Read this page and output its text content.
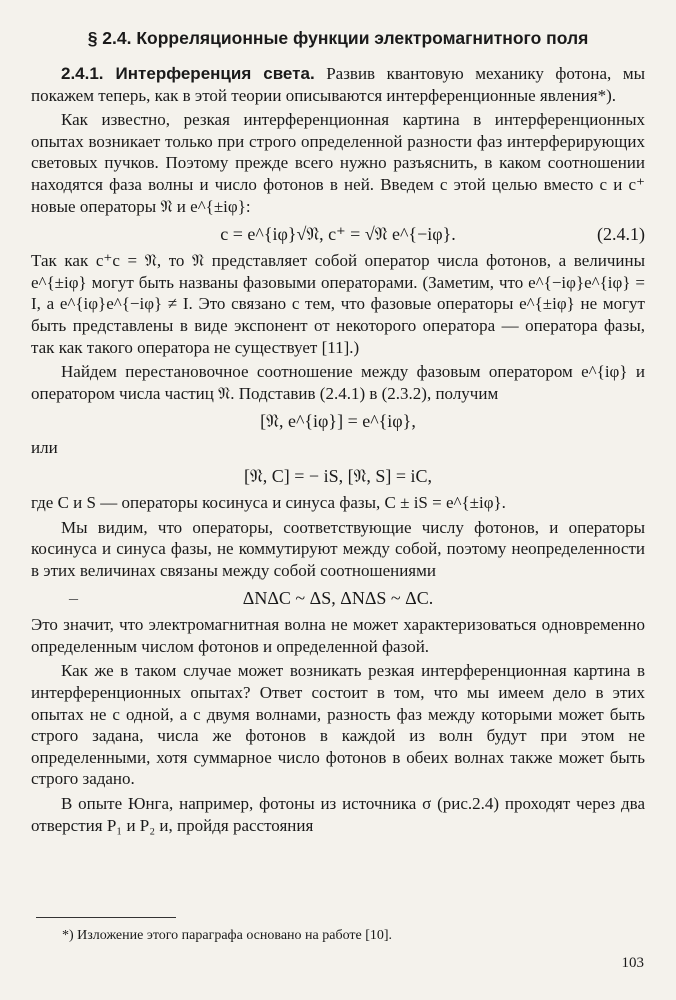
§ 2.4. Корреляционные функции электромагнитного поля

2.4.1. Интерференция света. Развив квантовую механику фотона, мы покажем теперь, как в этой теории описываются интерференционные явления*).

Как известно, резкая интерференционная картина в интерференционных опытах возникает только при строго определенной разности фаз интерферирующих световых пучков. Поэтому прежде всего нужно разъяснить, в каком соотношении находятся фаза волны и число фотонов в ней. Введем с этой целью вместо с и с⁺ новые операторы 𝔑 и e^{±iφ}:

с = e^{iφ}√𝔑, с⁺ = √𝔑 e^{−iφ}.	(2.4.1)

Так как с⁺с = 𝔑, то 𝔑 представляет собой оператор числа фотонов, а величины e^{±iφ} могут быть названы фазовыми операторами. (Заметим, что e^{−iφ}e^{iφ} = I, а e^{iφ}e^{−iφ} ≠ I. Это связано с тем, что фазовые операторы e^{±iφ} не могут быть представлены в виде экспонент от некоторого оператора — оператора фазы, так как такого оператора не существует [11].)

Найдем перестановочное соотношение между фазовым оператором e^{iφ} и оператором числа частиц 𝔑. Подставив (2.4.1) в (2.3.2), получим

[𝔑, e^{iφ}] = e^{iφ},

или

[𝔑, С] = − iS, [𝔑, S] = iС,

где С и S — операторы косинуса и синуса фазы, С ± iS = e^{±iφ}.

Мы видим, что операторы, соответствующие числу фотонов, и операторы косинуса и синуса фазы, не коммутируют между собой, поэтому неопределенности в этих величинах связаны между собой соотношениями

–	ΔNΔC ~ ΔS, ΔNΔS ~ ΔC.

Это значит, что электромагнитная волна не может характеризоваться одновременно определенным числом фотонов и определенной фазой.

Как же в таком случае может возникать резкая интерференционная картина в интерференционных опытах? Ответ состоит в том, что мы имеем дело в этих опытах не с одной, а с двумя волнами, разность фаз между которыми может быть строго задана, числа же фотонов в каждой из волн будут при этом не определенными, хотя суммарное число фотонов в обеих волнах также может быть строго задано.

В опыте Юнга, например, фотоны из источника σ (рис.2.4) проходят через два отверстия P₁ и P₂ и, пройдя расстояния

*) Изложение этого параграфа основано на работе [10].
103
